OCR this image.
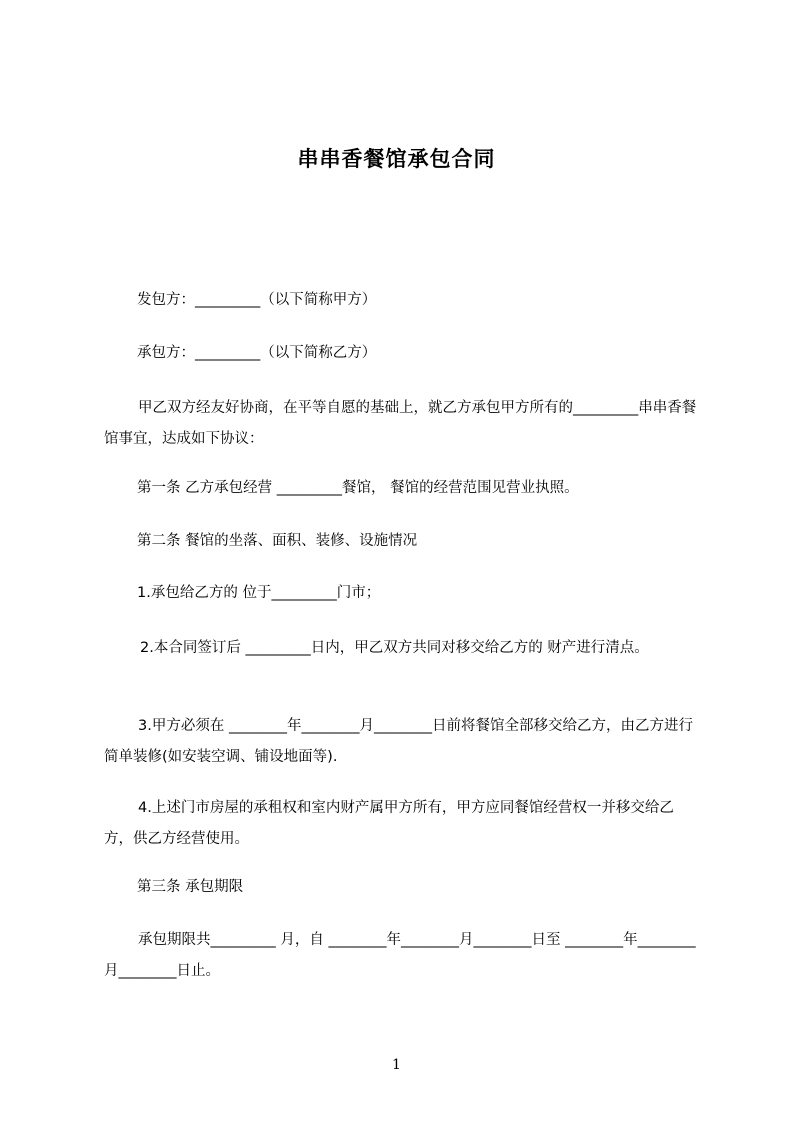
串串香餐馆承包合同
发包方：_________（以下简称甲方）
承包方：_________（以下简称乙方）
甲乙双方经友好协商，在平等自愿的基础上，就乙方承包甲方所有的_________串串香餐馆事宜，达成如下协议：
第一条 乙方承包经营 _________餐馆， 餐馆的经营范围见营业执照。
第二条 餐馆的坐落、面积、装修、设施情况
1.承包给乙方的 位于_________门市；
2.本合同签订后 _________日内，甲乙双方共同对移交给乙方的 财产进行清点。
3.甲方必须在 ________年________月________日前将餐馆全部移交给乙方，由乙方进行简单装修(如安装空调、铺设地面等).
4.上述门市房屋的承租权和室内财产属甲方所有，甲方应同餐馆经营权一并移交给乙方，供乙方经营使用。
第三条 承包期限
承包期限共_________ 月，自 ________年________月________日至 ________年________月________日止。
1
